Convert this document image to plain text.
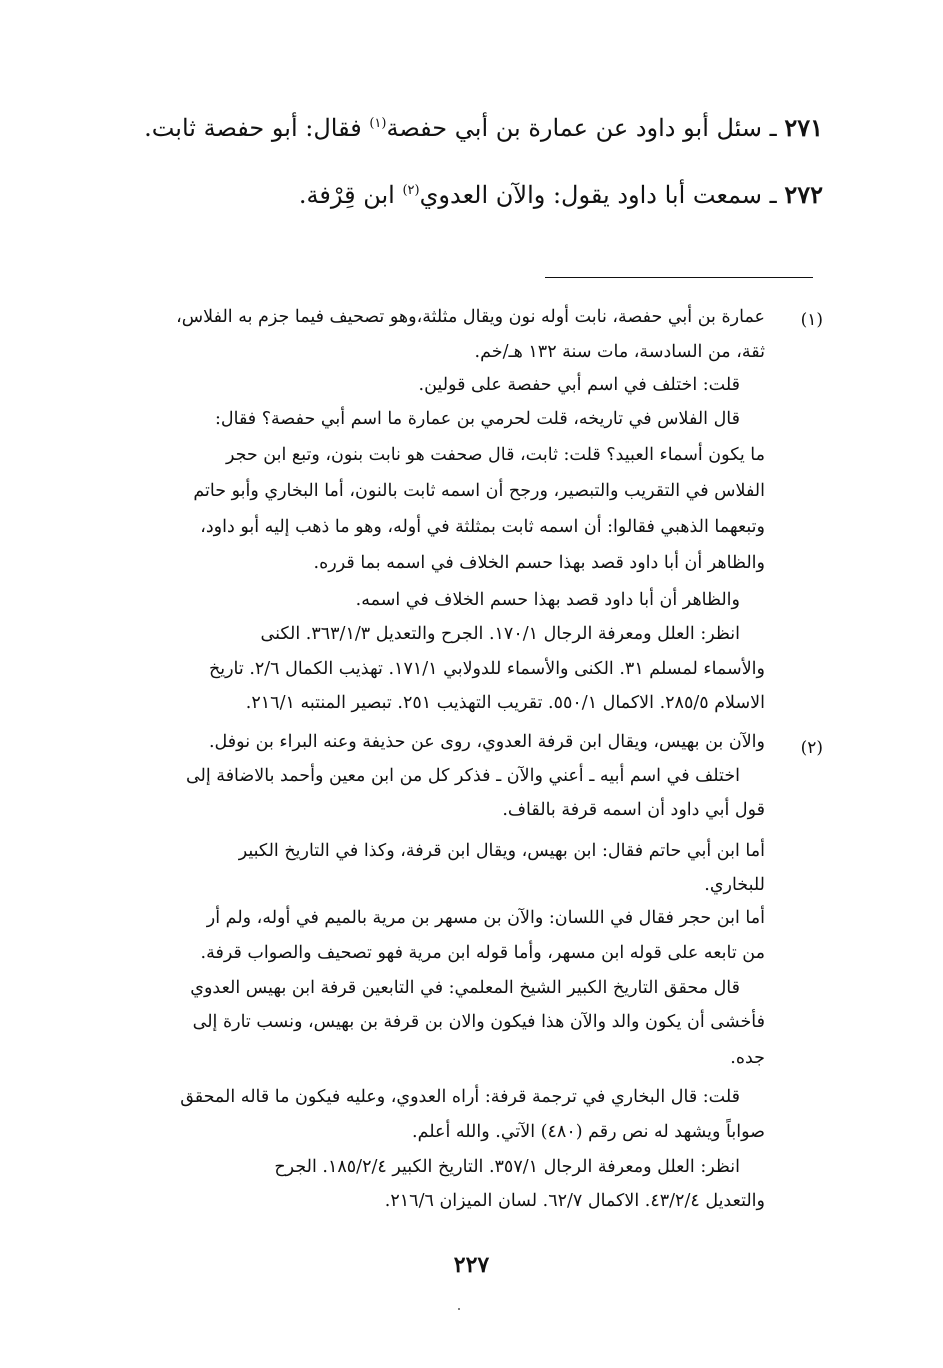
٢٧١ ـ سئل أبو داود عن عمارة بن أبي حفصة$^{(١)}$ فقال: أبو حفصة ثابت.
٢٧٢ ـ سمعت أبا داود يقول: والآن العدوي$^{(٢)}$ ابن قِرْفة.
(١)
عمارة بن أبي حفصة، نابت أوله نون ويقال مثلثة،وهو تصحيف فيما جزم به الفلاس،
ثقة، من السادسة، مات سنة ١٣٢ هـ/خم.
قلت: اختلف في اسم أبي حفصة على قولين.
قال الفلاس في تاريخه، قلت لحرمي بن عمارة ما اسم أبي حفصة؟ فقال:
ما يكون أسماء العبيد؟ قلت: ثابت، قال صحفت هو نابت بنون، وتبع ابن حجر
الفلاس في التقريب والتبصير، ورجح أن اسمه ثابت بالنون، أما البخاري وأبو حاتم
وتبعهما الذهبي فقالوا: أن اسمه ثابت بمثلثة في أوله، وهو ما ذهب إليه أبو داود،
والظاهر أن أبا داود قصد بهذا حسم الخلاف في اسمه بما قرره.
والظاهر أن أبا داود قصد بهذا حسم الخلاف في اسمه.
انظر: العلل ومعرفة الرجال ١٧٠/١. الجرح والتعديل ٣٦٣/١/٣. الكنى
والأسماء لمسلم ٣١. الكنى والأسماء للدولابي ١٧١/١. تهذيب الكمال ٢/٦. تاريخ
الاسلام ٢٨٥/٥. الاكمال ٥٥٠/١. تقريب التهذيب ٢٥١. تبصير المنتبه ٢١٦/١.
(٢)
والآن بن بهيس، ويقال ابن قرفة العدوي، روى عن حذيفة وعنه البراء بن نوفل.
اختلف في اسم أبيه ـ أعني والآن ـ فذكر كل من ابن معين وأحمد بالاضافة إلى
قول أبي داود أن اسمه قرفة بالقاف.
أما ابن أبي حاتم فقال: ابن بهيس، ويقال ابن قرفة، وكذا في التاريخ الكبير
للبخاري.
أما ابن حجر فقال في اللسان: والآن بن مسهر بن مرية بالميم في أوله، ولم أر
من تابعه على قوله ابن مسهر، وأما قوله ابن مرية فهو تصحيف والصواب قرفة.
قال محقق التاريخ الكبير الشيخ المعلمي: في التابعين قرفة ابن بهيس العدوي
فأخشى أن يكون والد والآن هذا فيكون والان بن قرفة بن بهيس، ونسب تارة إلى
جده.
قلت: قال البخاري في ترجمة قرفة: أراه العدوي، وعليه فيكون ما قاله المحقق
صواباً ويشهد له نص رقم (٤٨٠) الآتي. والله أعلم.
انظر: العلل ومعرفة الرجال ٣٥٧/١. التاريخ الكبير ١٨٥/٢/٤. الجرح
والتعديل ٤٣/٢/٤. الاكمال ٦٢/٧. لسان الميزان ٢١٦/٦.
٢٢٧
